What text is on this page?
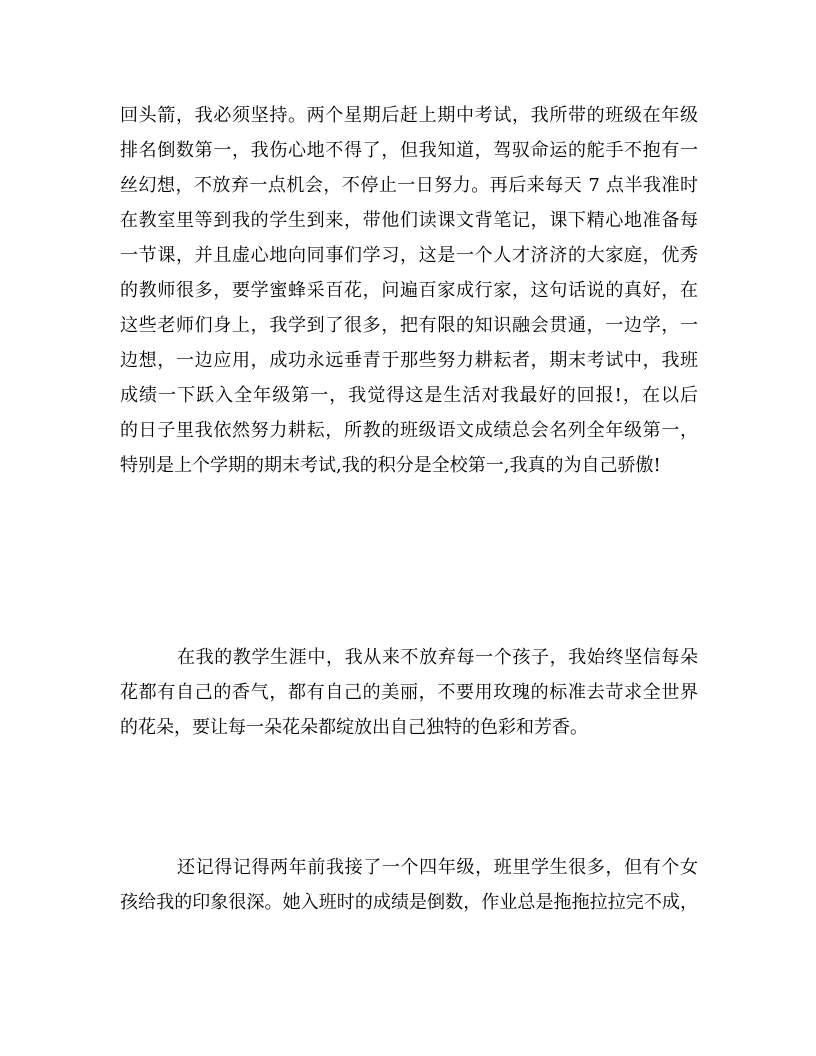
回头箭，我必须坚持。两个星期后赶上期中考试，我所带的班级在年级
排名倒数第一，我伤心地不得了，但我知道，驾驭命运的舵手不抱有一
丝幻想，不放弃一点机会，不停止一日努力。再后来每天 7 点半我准时
在教室里等到我的学生到来，带他们读课文背笔记，课下精心地准备每
一节课，并且虚心地向同事们学习，这是一个人才济济的大家庭，优秀
的教师很多，要学蜜蜂采百花，问遍百家成行家，这句话说的真好，在
这些老师们身上，我学到了很多，把有限的知识融会贯通，一边学，一
边想，一边应用，成功永远垂青于那些努力耕耘者，期末考试中，我班
成绩一下跃入全年级第一，我觉得这是生活对我最好的回报!，在以后
的日子里我依然努力耕耘，所教的班级语文成绩总会名列全年级第一，
特别是上个学期的期末考试,我的积分是全校第一,我真的为自己骄傲!
在我的教学生涯中，我从来不放弃每一个孩子，我始终坚信每朵
花都有自己的香气，都有自己的美丽，不要用玫瑰的标准去苛求全世界
的花朵，要让每一朵花朵都绽放出自己独特的色彩和芳香。
还记得记得两年前我接了一个四年级，班里学生很多，但有个女
孩给我的印象很深。她入班时的成绩是倒数，作业总是拖拖拉拉完不成，
